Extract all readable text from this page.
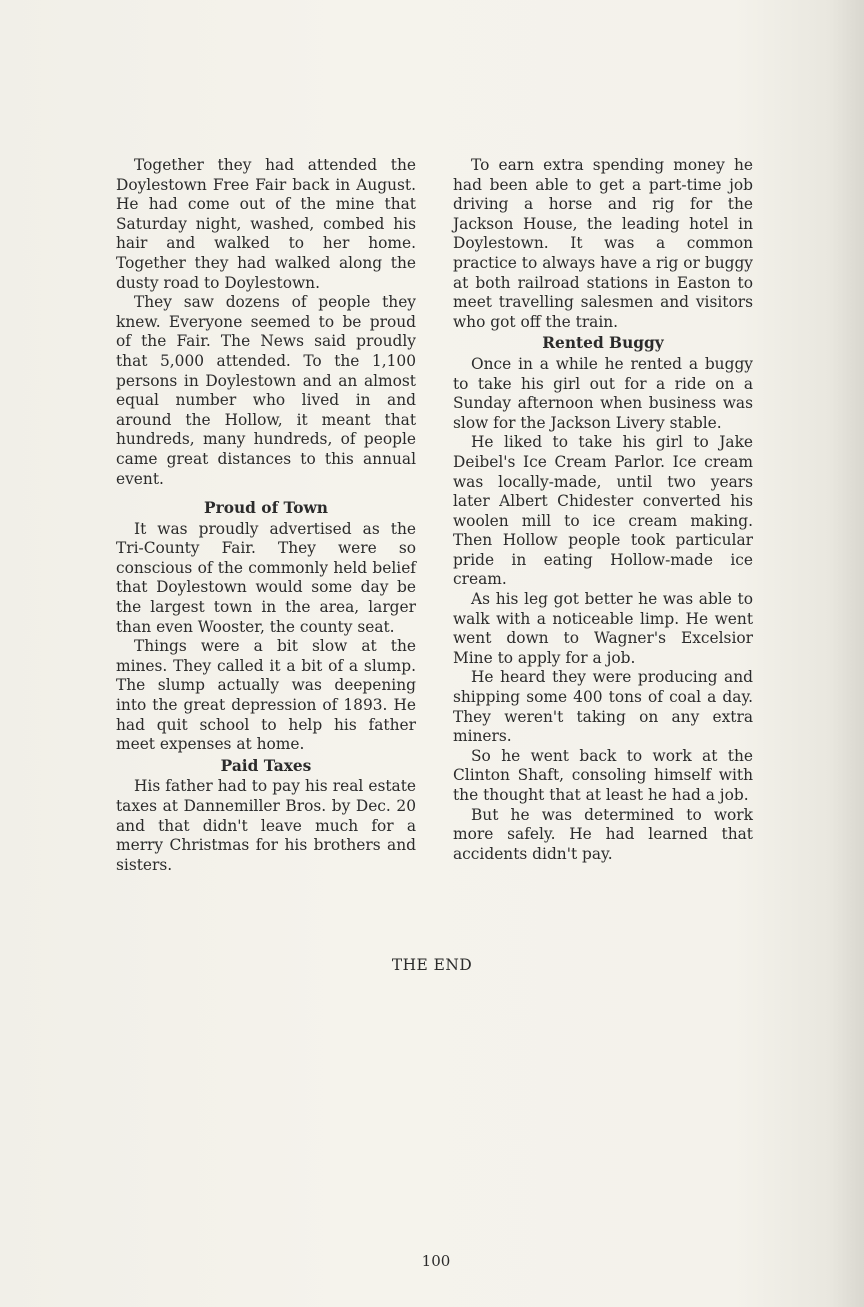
Together they had attended the Doylestown Free Fair back in August. He had come out of the mine that Saturday night, washed, combed his hair and walked to her home. Together they had walked along the dusty road to Doylestown.

They saw dozens of people they knew. Everyone seemed to be proud of the Fair. The News said proudly that 5,000 attended. To the 1,100 persons in Doylestown and an almost equal number who lived in and around the Hollow, it meant that hundreds, many hundreds, of people came great distances to this annual event.

Proud of Town

It was proudly advertised as the Tri-County Fair. They were so conscious of the commonly held belief that Doylestown would some day be the largest town in the area, larger than even Wooster, the county seat.

Things were a bit slow at the mines. They called it a bit of a slump. The slump actually was deepening into the great depression of 1893. He had quit school to help his father meet expenses at home.

Paid Taxes

His father had to pay his real estate taxes at Dannemiller Bros. by Dec. 20 and that didn't leave much for a merry Christmas for his brothers and sisters.

To earn extra spending money he had been able to get a part-time job driving a horse and rig for the Jackson House, the leading hotel in Doylestown. It was a common practice to always have a rig or buggy at both railroad stations in Easton to meet travelling salesmen and visitors who got off the train.

Rented Buggy

Once in a while he rented a buggy to take his girl out for a ride on a Sunday afternoon when business was slow for the Jackson Livery stable.

He liked to take his girl to Jake Deibel's Ice Cream Parlor. Ice cream was locally-made, until two years later Albert Chidester converted his woolen mill to ice cream making. Then Hollow people took particular pride in eating Hollow-made ice cream.

As his leg got better he was able to walk with a noticeable limp. He went went down to Wagner's Excelsior Mine to apply for a job.

He heard they were producing and shipping some 400 tons of coal a day. They weren't taking on any extra miners.

So he went back to work at the Clinton Shaft, consoling himself with the thought that at least he had a job.

But he was determined to work more safely. He had learned that accidents didn't pay.

THE END
100
